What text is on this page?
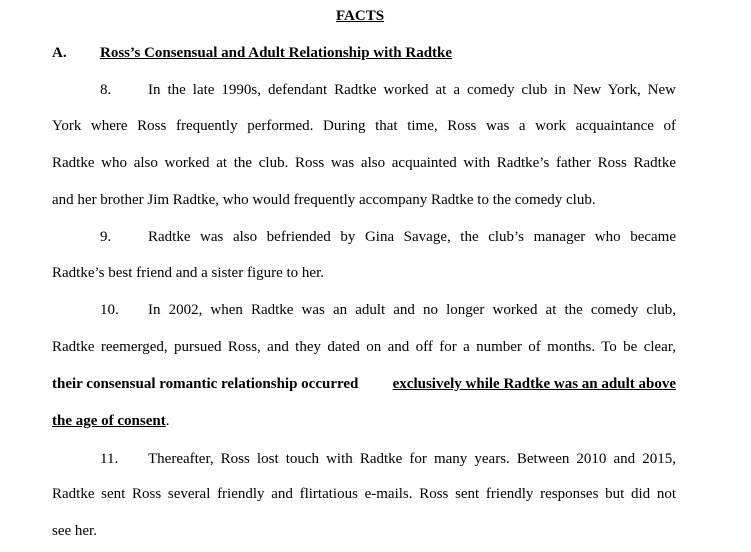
FACTS
A. Ross’s Consensual and Adult Relationship with Radtke
8. In the late 1990s, defendant Radtke worked at a comedy club in New York, New
York where Ross frequently performed. During that time, Ross was a work acquaintance of
Radtke who also worked at the club. Ross was also acquainted with Radtke’s father Ross Radtke
and her brother Jim Radtke, who would frequently accompany Radtke to the comedy club.
9. Radtke was also befriended by Gina Savage, the club’s manager who became
Radtke’s best friend and a sister figure to her.
10. In 2002, when Radtke was an adult and no longer worked at the comedy club,
Radtke reemerged, pursued Ross, and they dated on and off for a number of months. To be clear,
their consensual romantic relationship occurred exclusively while Radtke was an adult above
the age of consent.
11. Thereafter, Ross lost touch with Radtke for many years. Between 2010 and 2015,
Radtke sent Ross several friendly and flirtatious e-mails. Ross sent friendly responses but did not
see her.
